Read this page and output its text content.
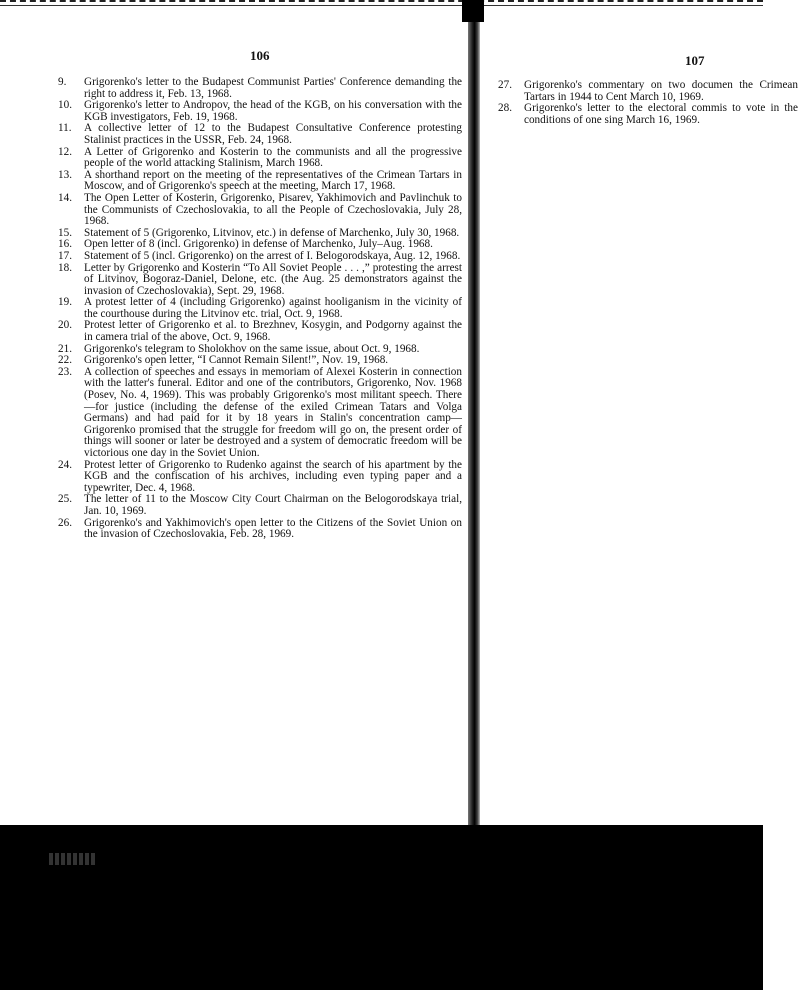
106
9.	Grigorenko's letter to the Budapest Communist Parties' Conference demanding the right to address it, Feb. 13, 1968.
10.	Grigorenko's letter to Andropov, the head of the KGB, on his conversation with the KGB investigators, Feb. 19, 1968.
11.	A collective letter of 12 to the Budapest Consultative Conference protesting Stalinist practices in the USSR, Feb. 24, 1968.
12.	A Letter of Grigorenko and Kosterin to the communists and all the progressive people of the world attacking Stalinism, March 1968.
13.	A shorthand report on the meeting of the representatives of the Crimean Tartars in Moscow, and of Grigorenko's speech at the meeting, March 17, 1968.
14.	The Open Letter of Kosterin, Grigorenko, Pisarev, Yakhimovich and Pavlinchuk to the Communists of Czechoslovakia, to all the People of Czechoslovakia, July 28, 1968.
15.	Statement of 5 (Grigorenko, Litvinov, etc.) in defense of Marchenko, July 30, 1968.
16.	Open letter of 8 (incl. Grigorenko) in defense of Marchenko, July–Aug. 1968.
17.	Statement of 5 (incl. Grigorenko) on the arrest of I. Belogorodskaya, Aug. 12, 1968.
18.	Letter by Grigorenko and Kosterin “To All Soviet People . . . ,” protesting the arrest of Litvinov, Bogoraz-Daniel, Delone, etc. (the Aug. 25 demonstrators against the invasion of Czechoslovakia), Sept. 29, 1968.
19.	A protest letter of 4 (including Grigorenko) against hooliganism in the vicinity of the courthouse during the Litvinov etc. trial, Oct. 9, 1968.
20.	Protest letter of Grigorenko et al. to Brezhnev, Kosygin, and Podgorny against the in camera trial of the above, Oct. 9, 1968.
21.	Grigorenko's telegram to Sholokhov on the same issue, about Oct. 9, 1968.
22.	Grigorenko's open letter, “I Cannot Remain Silent!”, Nov. 19, 1968.
23.	A collection of speeches and essays in memoriam of Alexei Kosterin in connection with the latter's funeral. Editor and one of the contributors, Grigorenko, Nov. 1968 (Posev, No. 4, 1969). This was probably Grigorenko's most militant speech. There—for justice (including the defense of the exiled Crimean Tatars and Volga Germans) and had paid for it by 18 years in Stalin's concentration camp—Grigorenko promised that the struggle for freedom will go on, the present order of things will sooner or later be destroyed and a system of democratic freedom will be victorious one day in the Soviet Union.
24.	Protest letter of Grigorenko to Rudenko against the search of his apartment by the KGB and the confiscation of his archives, including even typing paper and a typewriter, Dec. 4, 1968.
25.	The letter of 11 to the Moscow City Court Chairman on the Belogorodskaya trial, Jan. 10, 1969.
26.	Grigorenko's and Yakhimovich's open letter to the Citizens of the Soviet Union on the invasion of Czechoslovakia, Feb. 28, 1969.
107
27.	Grigorenko's commentary on two documen the Crimean Tartars in 1944 to Cent March 10, 1969.
28.	Grigorenko's letter to the electoral commis to vote in the conditions of one sing March 16, 1969.
